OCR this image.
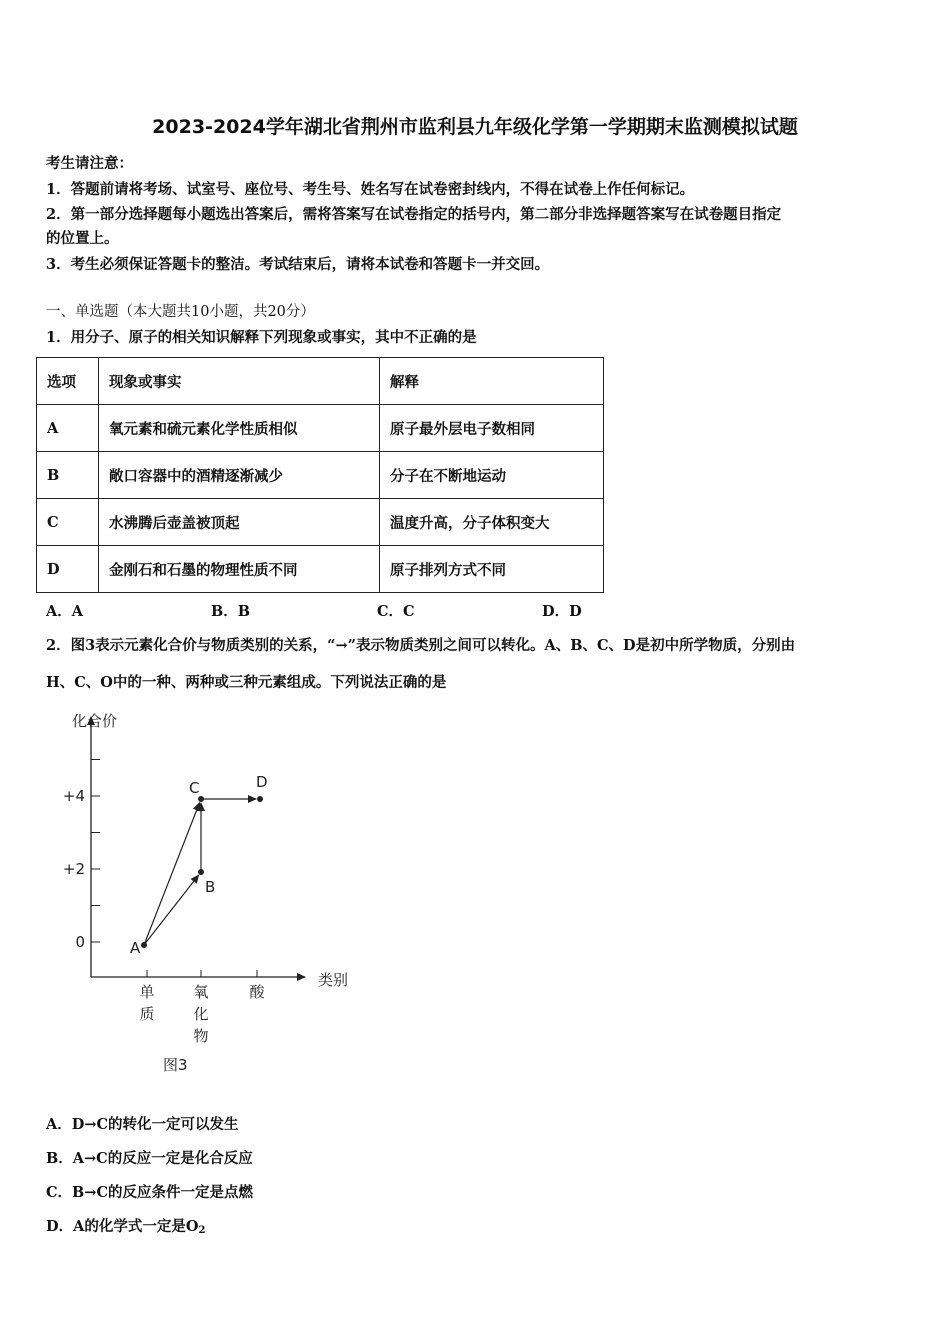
2023-2024学年湖北省荆州市监利县九年级化学第一学期期末监测模拟试题
考生请注意：
1．答题前请将考场、试室号、座位号、考生号、姓名写在试卷密封线内，不得在试卷上作任何标记。
2．第一部分选择题每小题选出答案后，需将答案写在试卷指定的括号内，第二部分非选择题答案写在试卷题目指定
的位置上。
3．考生必须保证答题卡的整洁。考试结束后，请将本试卷和答题卡一并交回。
一、单选题（本大题共10小题，共20分）
1．用分子、原子的相关知识解释下列现象或事实，其中不正确的是
选项	现象或事实	解释
A	氧元素和硫元素化学性质相似	原子最外层电子数相同
B	敞口容器中的酒精逐渐减少	分子在不断地运动
C	水沸腾后壶盖被顶起	温度升高，分子体积变大
D	金刚石和石墨的物理性质不同	原子排列方式不同
A．A	B．B	C．C	D．D
2．图3表示元素化合价与物质类别的关系，“→”表示物质类别之间可以转化。A、B、C、D是初中所学物质，分别由
H、C、O中的一种、两种或三种元素组成。下列说法正确的是
+4
+2
0
单质
氧化物
酸
A
B
C	D
化合价
类别
图3
A．D→C的转化一定可以发生
B．A→C的反应一定是化合反应
C．B→C的反应条件一定是点燃
D．A的化学式一定是$O_2$
